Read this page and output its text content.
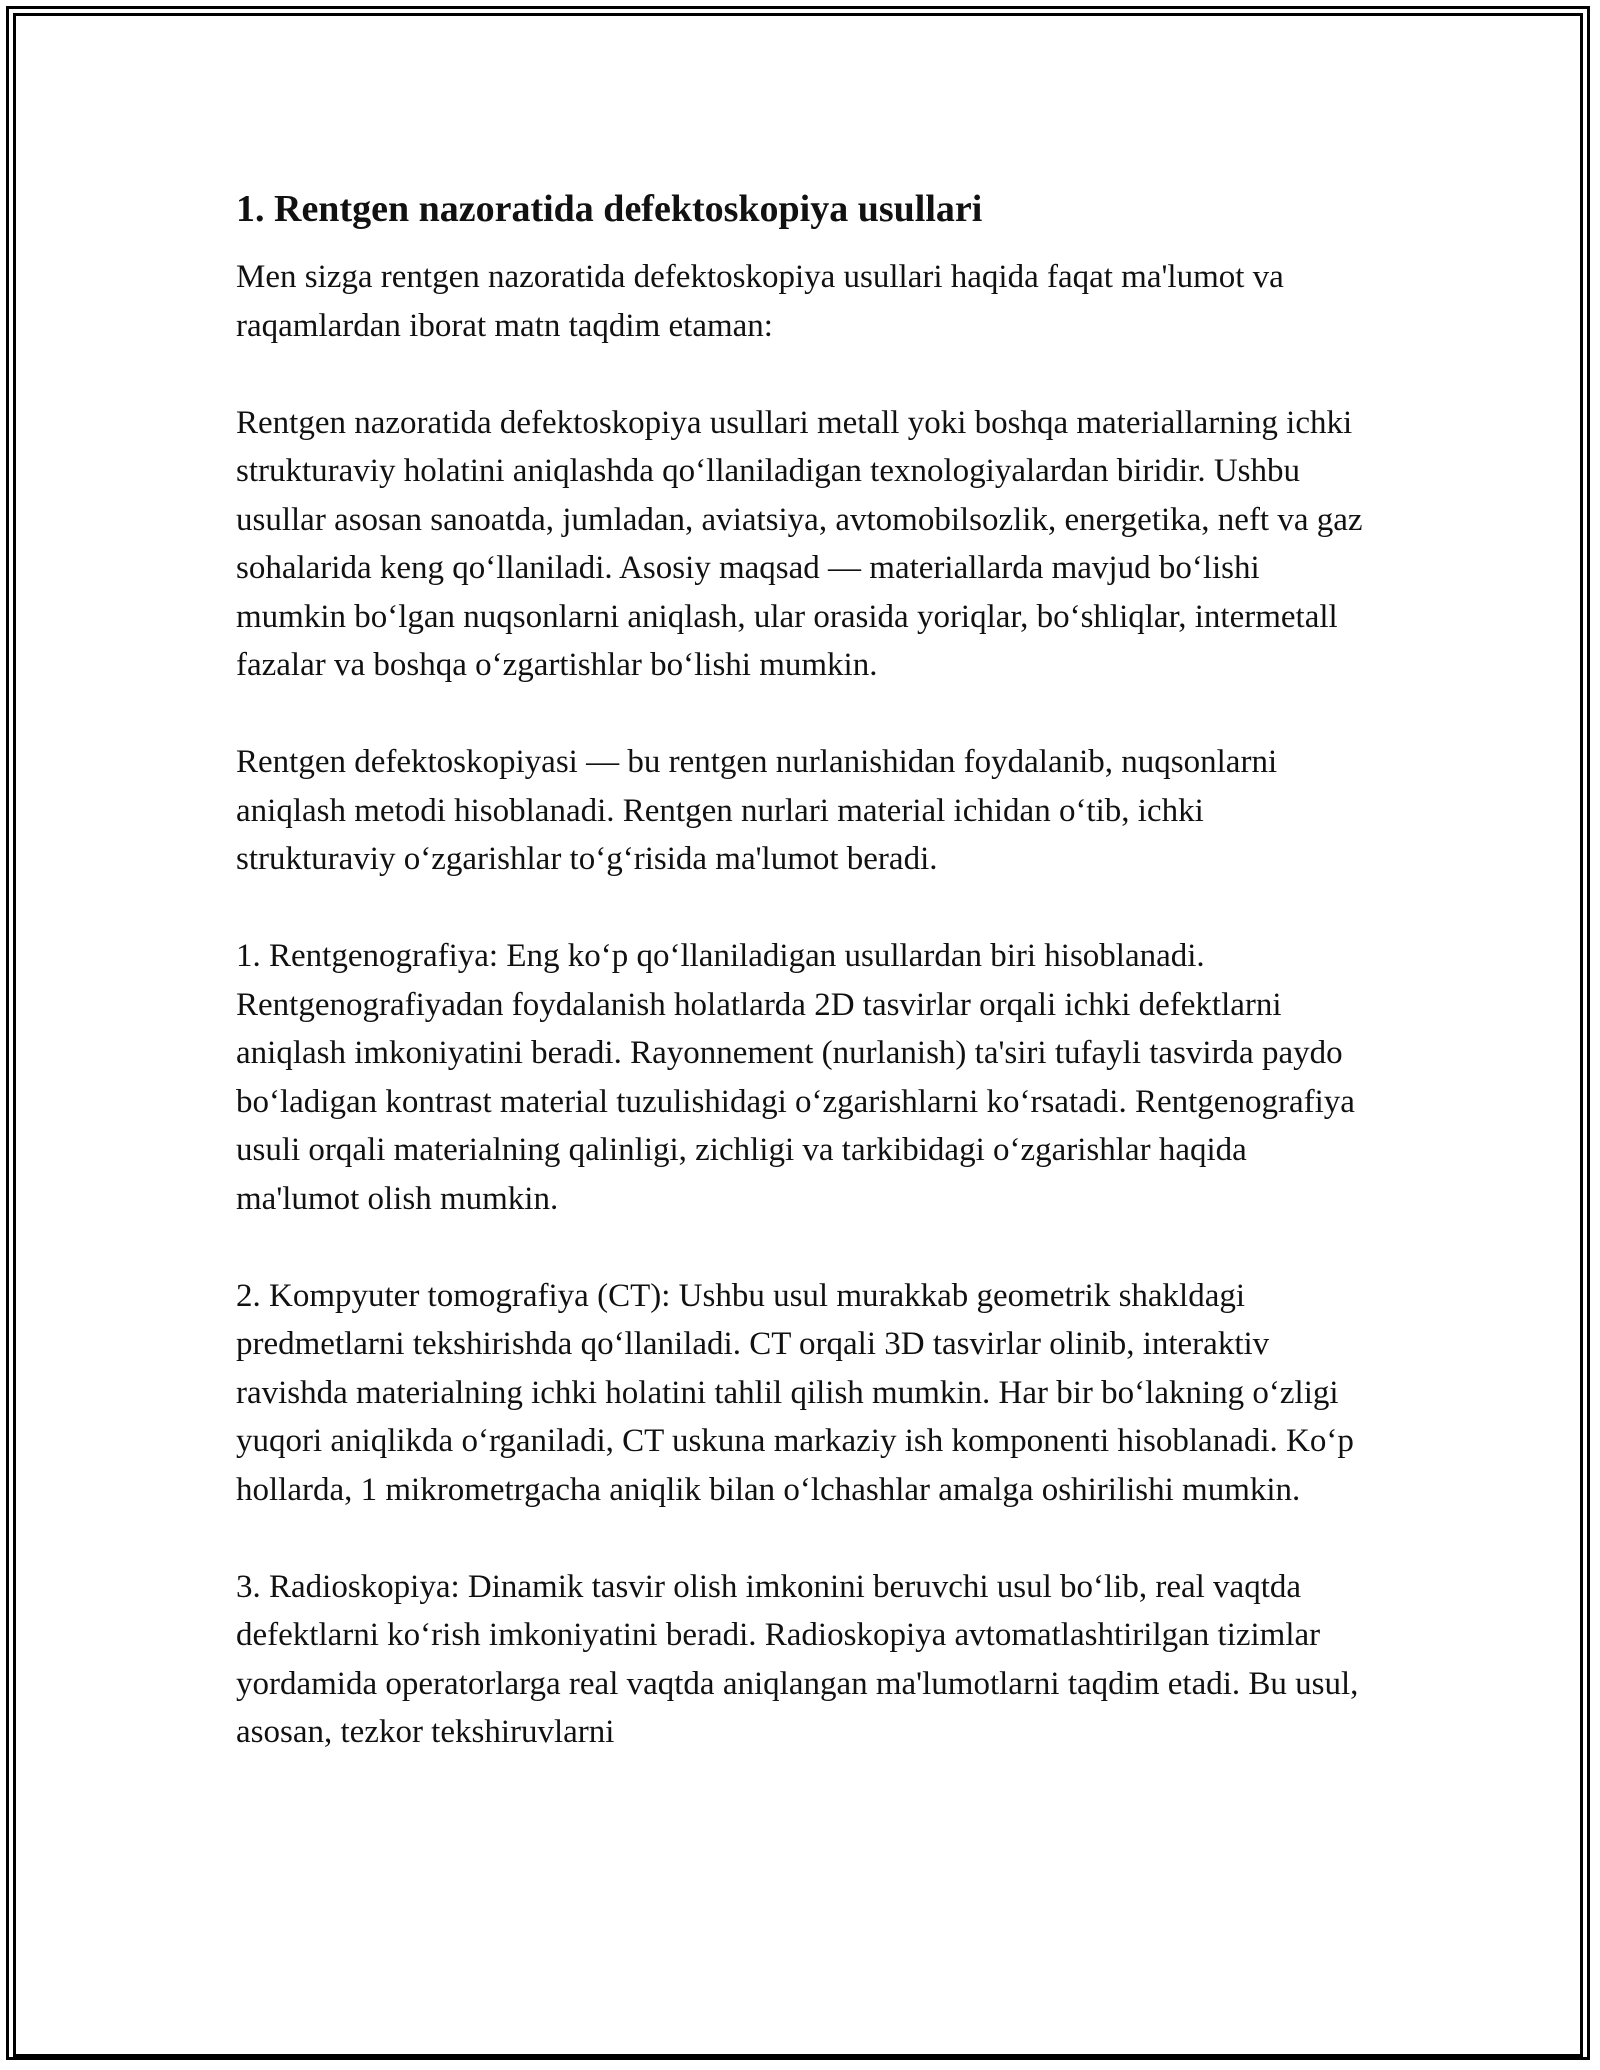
1. Rentgen nazoratida defektoskopiya usullari

Men sizga rentgen nazoratida defektoskopiya usullari haqida faqat ma'lumot va raqamlardan iborat matn taqdim etaman:

Rentgen nazoratida defektoskopiya usullari metall yoki boshqa materiallarning ichki strukturaviy holatini aniqlashda qo‘llaniladigan texnologiyalardan biridir. Ushbu usullar asosan sanoatda, jumladan, aviatsiya, avtomobilsozlik, energetika, neft va gaz sohalarida keng qo‘llaniladi. Asosiy maqsad — materiallarda mavjud bo‘lishi mumkin bo‘lgan nuqsonlarni aniqlash, ular orasida yoriqlar, bo‘shliqlar, intermetall fazalar va boshqa o‘zgartishlar bo‘lishi mumkin.

Rentgen defektoskopiyasi — bu rentgen nurlanishidan foydalanib, nuqsonlarni aniqlash metodi hisoblanadi. Rentgen nurlari material ichidan o‘tib, ichki strukturaviy o‘zgarishlar to‘g‘risida ma'lumot beradi.

1. Rentgenografiya: Eng ko‘p qo‘llaniladigan usullardan biri hisoblanadi. Rentgenografiyadan foydalanish holatlarda 2D tasvirlar orqali ichki defektlarni aniqlash imkoniyatini beradi. Rayonnement (nurlanish) ta'siri tufayli tasvirda paydo bo‘ladigan kontrast material tuzulishidagi o‘zgarishlarni ko‘rsatadi. Rentgenografiya usuli orqali materialning qalinligi, zichligi va tarkibidagi o‘zgarishlar haqida ma'lumot olish mumkin.

2. Kompyuter tomografiya (CT): Ushbu usul murakkab geometrik shakldagi predmetlarni tekshirishda qo‘llaniladi. CT orqali 3D tasvirlar olinib, interaktiv ravishda materialning ichki holatini tahlil qilish mumkin. Har bir bo‘lakning o‘zligi yuqori aniqlikda o‘rganiladi, CT uskuna markaziy ish komponenti hisoblanadi. Ko‘p hollarda, 1 mikrometrgacha aniqlik bilan o‘lchashlar amalga oshirilishi mumkin.

3. Radioskopiya: Dinamik tasvir olish imkonini beruvchi usul bo‘lib, real vaqtda defektlarni ko‘rish imkoniyatini beradi. Radioskopiya avtomatlashtirilgan tizimlar yordamida operatorlarga real vaqtda aniqlangan ma'lumotlarni taqdim etadi. Bu usul, asosan, tezkor tekshiruvlarni
